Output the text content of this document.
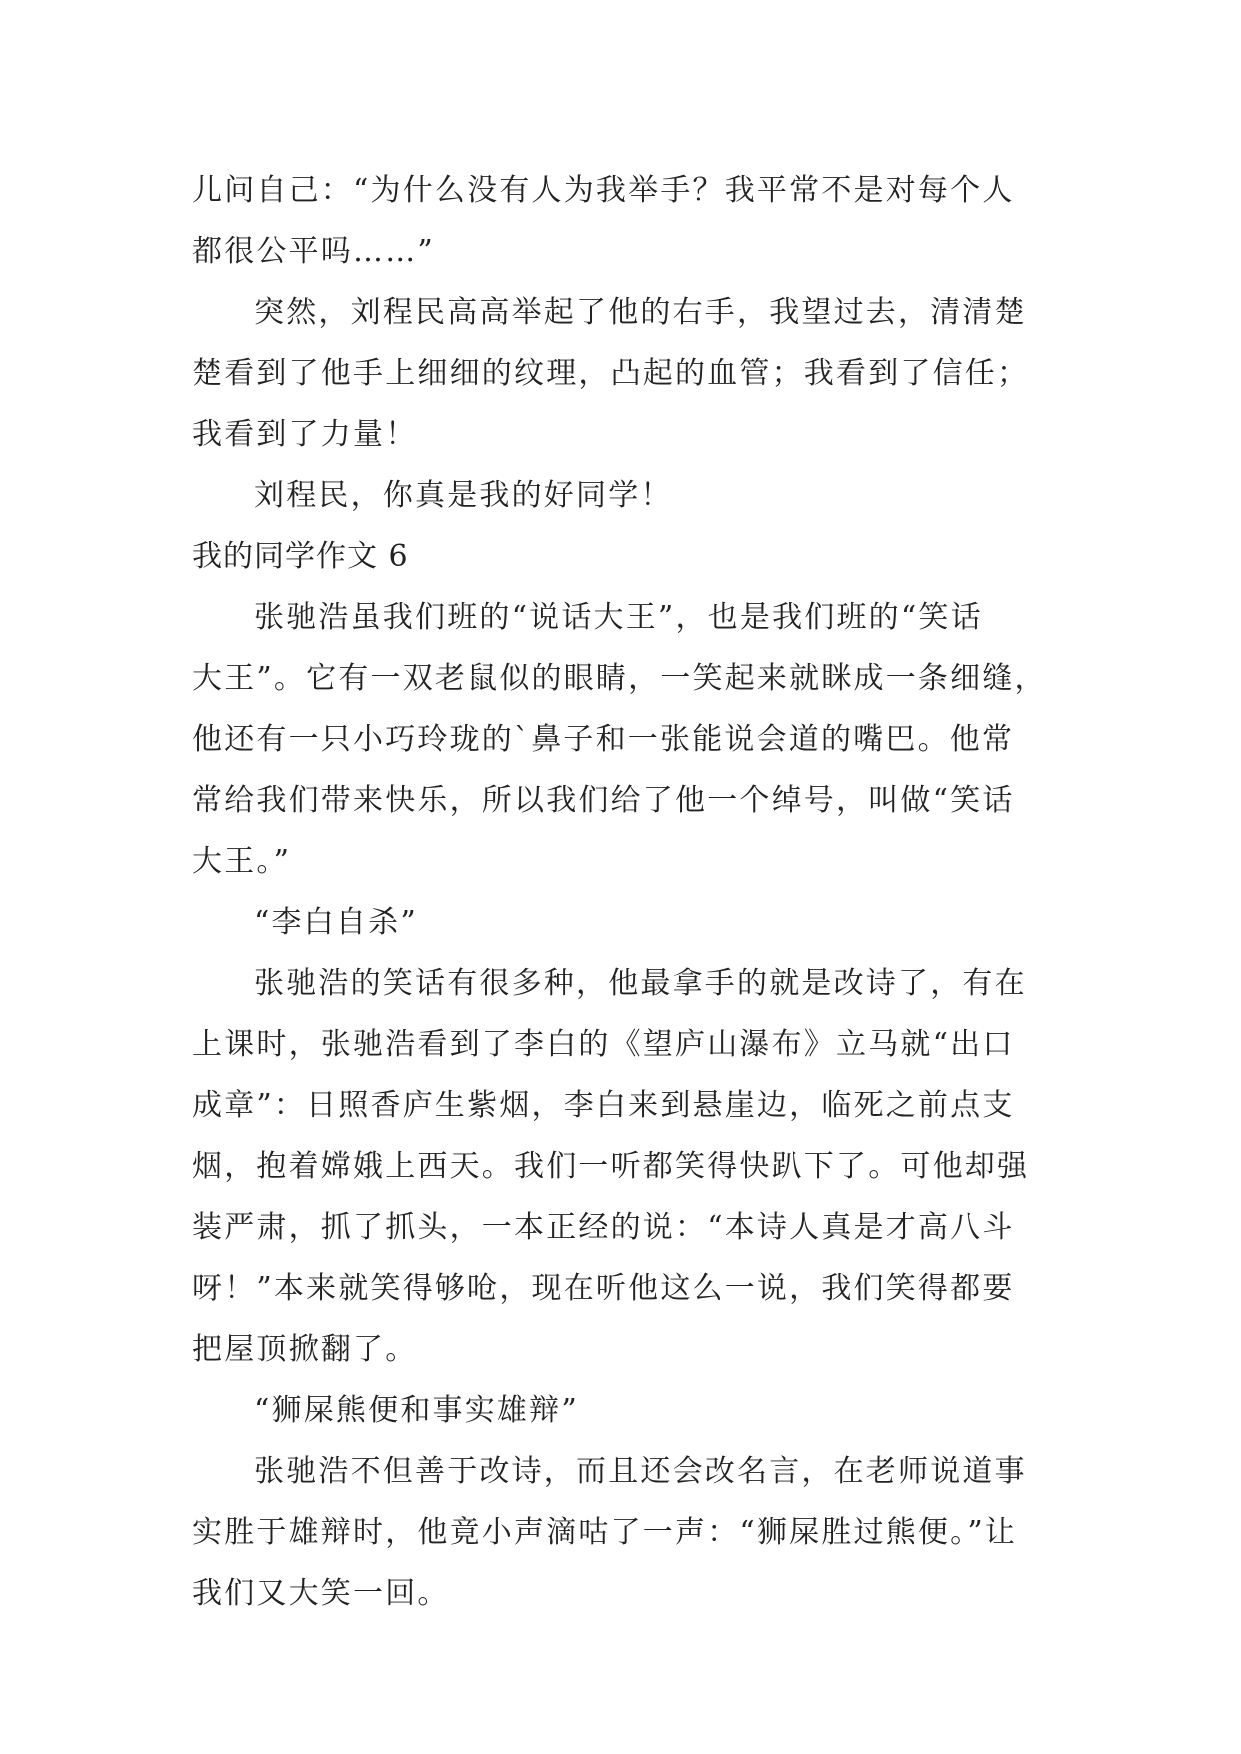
儿问自己：“为什么没有人为我举手？我平常不是对每个人
都很公平吗……”
突然，刘程民高高举起了他的右手，我望过去，清清楚
楚看到了他手上细细的纹理，凸起的血管；我看到了信任；
我看到了力量！
刘程民，你真是我的好同学！
我的同学作文 6
张驰浩虽我们班的“说话大王”，也是我们班的“笑话
大王”。它有一双老鼠似的眼睛，一笑起来就眯成一条细缝，
他还有一只小巧玲珑的`鼻子和一张能说会道的嘴巴。他常
常给我们带来快乐，所以我们给了他一个绰号，叫做“笑话
大王。”
“李白自杀”
张驰浩的笑话有很多种，他最拿手的就是改诗了，有在
上课时，张驰浩看到了李白的《望庐山瀑布》立马就“出口
成章”：日照香庐生紫烟，李白来到悬崖边，临死之前点支
烟，抱着嫦娥上西天。我们一听都笑得快趴下了。可他却强
装严肃，抓了抓头，一本正经的说：“本诗人真是才高八斗
呀！”本来就笑得够呛，现在听他这么一说，我们笑得都要
把屋顶掀翻了。
“狮屎熊便和事实雄辩”
张驰浩不但善于改诗，而且还会改名言，在老师说道事
实胜于雄辩时，他竟小声滴咕了一声：“狮屎胜过熊便。”让
我们又大笑一回。
